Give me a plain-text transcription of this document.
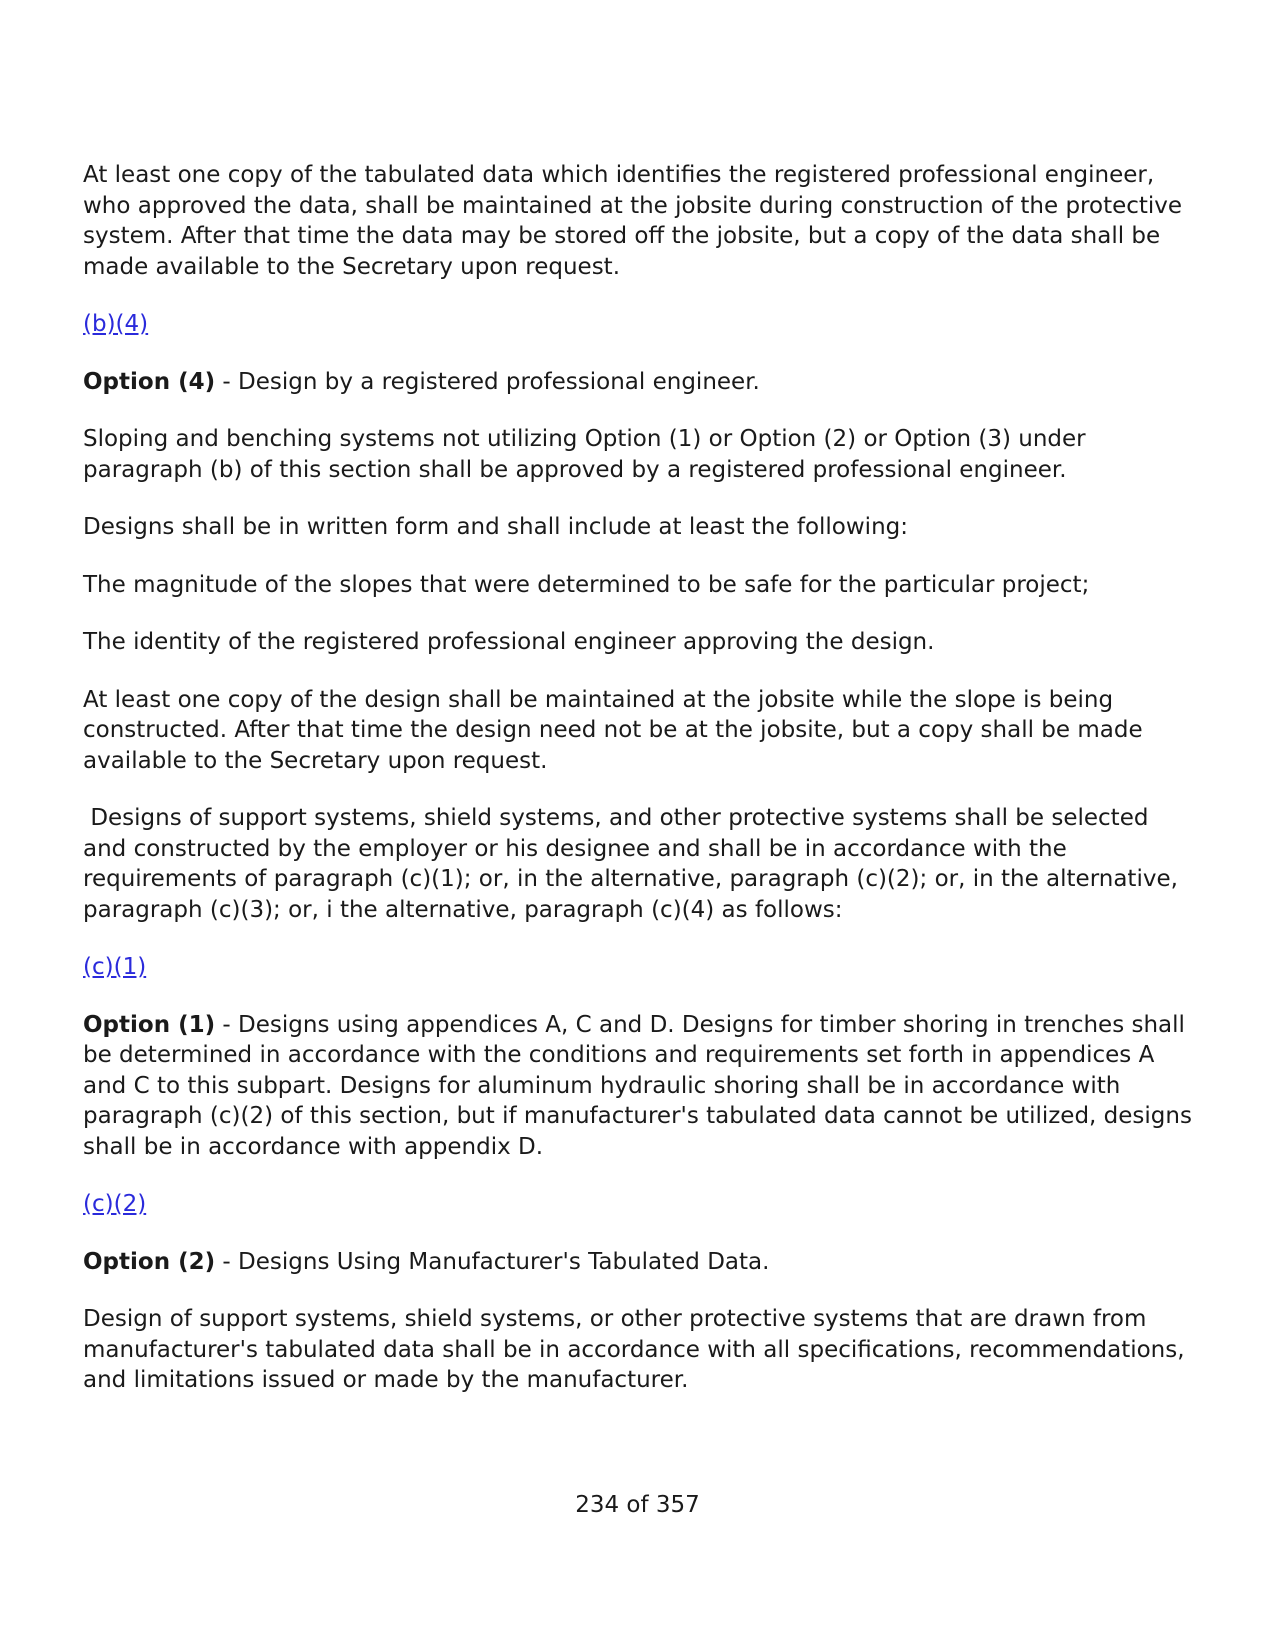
At least one copy of the tabulated data which identifies the registered professional engineer, who approved the data, shall be maintained at the jobsite during construction of the protective system. After that time the data may be stored off the jobsite, but a copy of the data shall be made available to the Secretary upon request.

(b)(4)

Option (4) - Design by a registered professional engineer.

Sloping and benching systems not utilizing Option (1) or Option (2) or Option (3) under paragraph (b) of this section shall be approved by a registered professional engineer.

Designs shall be in written form and shall include at least the following:

The magnitude of the slopes that were determined to be safe for the particular project;

The identity of the registered professional engineer approving the design.

At least one copy of the design shall be maintained at the jobsite while the slope is being constructed. After that time the design need not be at the jobsite, but a copy shall be made available to the Secretary upon request.

Designs of support systems, shield systems, and other protective systems shall be selected and constructed by the employer or his designee and shall be in accordance with the requirements of paragraph (c)(1); or, in the alternative, paragraph (c)(2); or, in the alternative, paragraph (c)(3); or, i the alternative, paragraph (c)(4) as follows:

(c)(1)

Option (1) - Designs using appendices A, C and D. Designs for timber shoring in trenches shall be determined in accordance with the conditions and requirements set forth in appendices A and C to this subpart. Designs for aluminum hydraulic shoring shall be in accordance with paragraph (c)(2) of this section, but if manufacturer's tabulated data cannot be utilized, designs shall be in accordance with appendix D.

(c)(2)

Option (2) - Designs Using Manufacturer's Tabulated Data.

Design of support systems, shield systems, or other protective systems that are drawn from manufacturer's tabulated data shall be in accordance with all specifications, recommendations, and limitations issued or made by the manufacturer.

234 of 357
